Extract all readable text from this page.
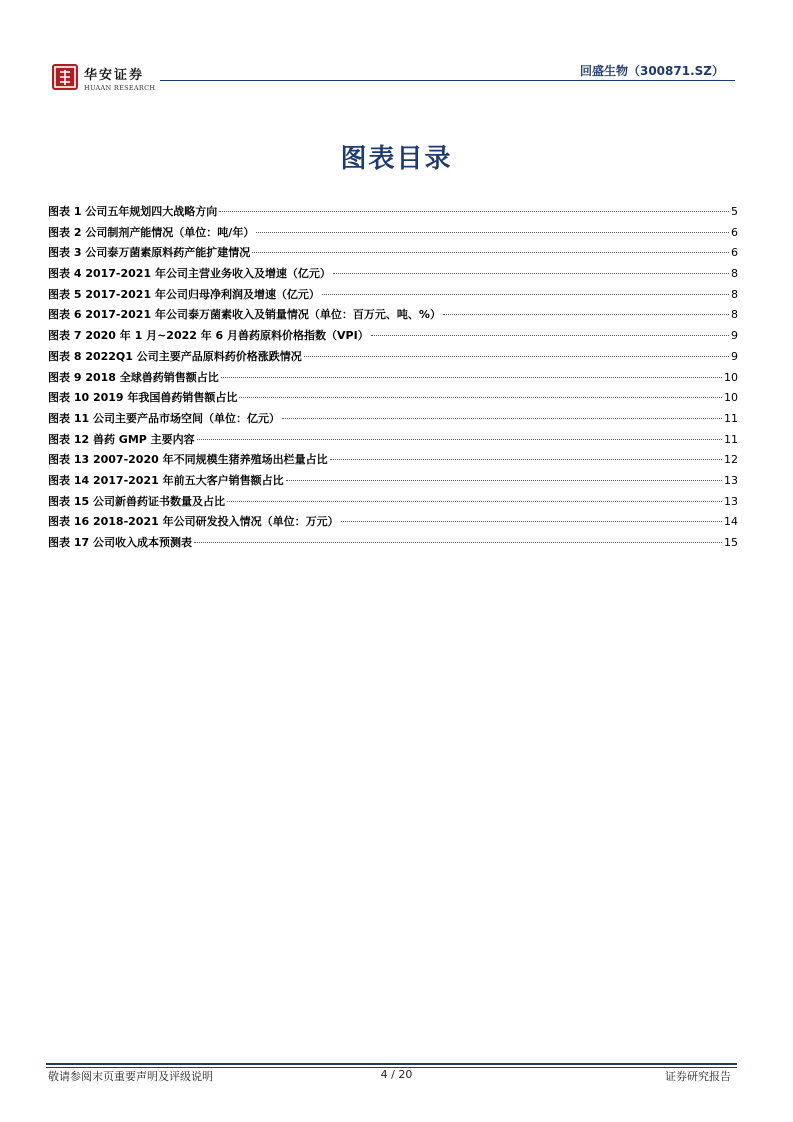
华安证券
HUAAN RESEARCH
回盛生物（300871.SZ）
图表目录
图表 1 公司五年规划四大战略方向	5
图表 2 公司制剂产能情况（单位：吨/年）	6
图表 3 公司泰万菌素原料药产能扩建情况	6
图表 4 2017-2021 年公司主营业务收入及增速（亿元）	8
图表 5 2017-2021 年公司归母净利润及增速（亿元）	8
图表 6 2017-2021 年公司泰万菌素收入及销量情况（单位：百万元、吨、%）	8
图表 7 2020 年 1 月~2022 年 6 月兽药原料价格指数（VPI）	9
图表 8 2022Q1 公司主要产品原料药价格涨跌情况	9
图表 9 2018 全球兽药销售额占比	10
图表 10 2019 年我国兽药销售额占比	10
图表 11 公司主要产品市场空间（单位：亿元）	11
图表 12 兽药 GMP 主要内容	11
图表 13 2007-2020 年不同规模生猪养殖场出栏量占比	12
图表 14 2017-2021 年前五大客户销售额占比	13
图表 15 公司新兽药证书数量及占比	13
图表 16 2018-2021 年公司研发投入情况（单位：万元）	14
图表 17 公司收入成本预测表	15
敬请参阅末页重要声明及评级说明	4 / 20	证券研究报告
